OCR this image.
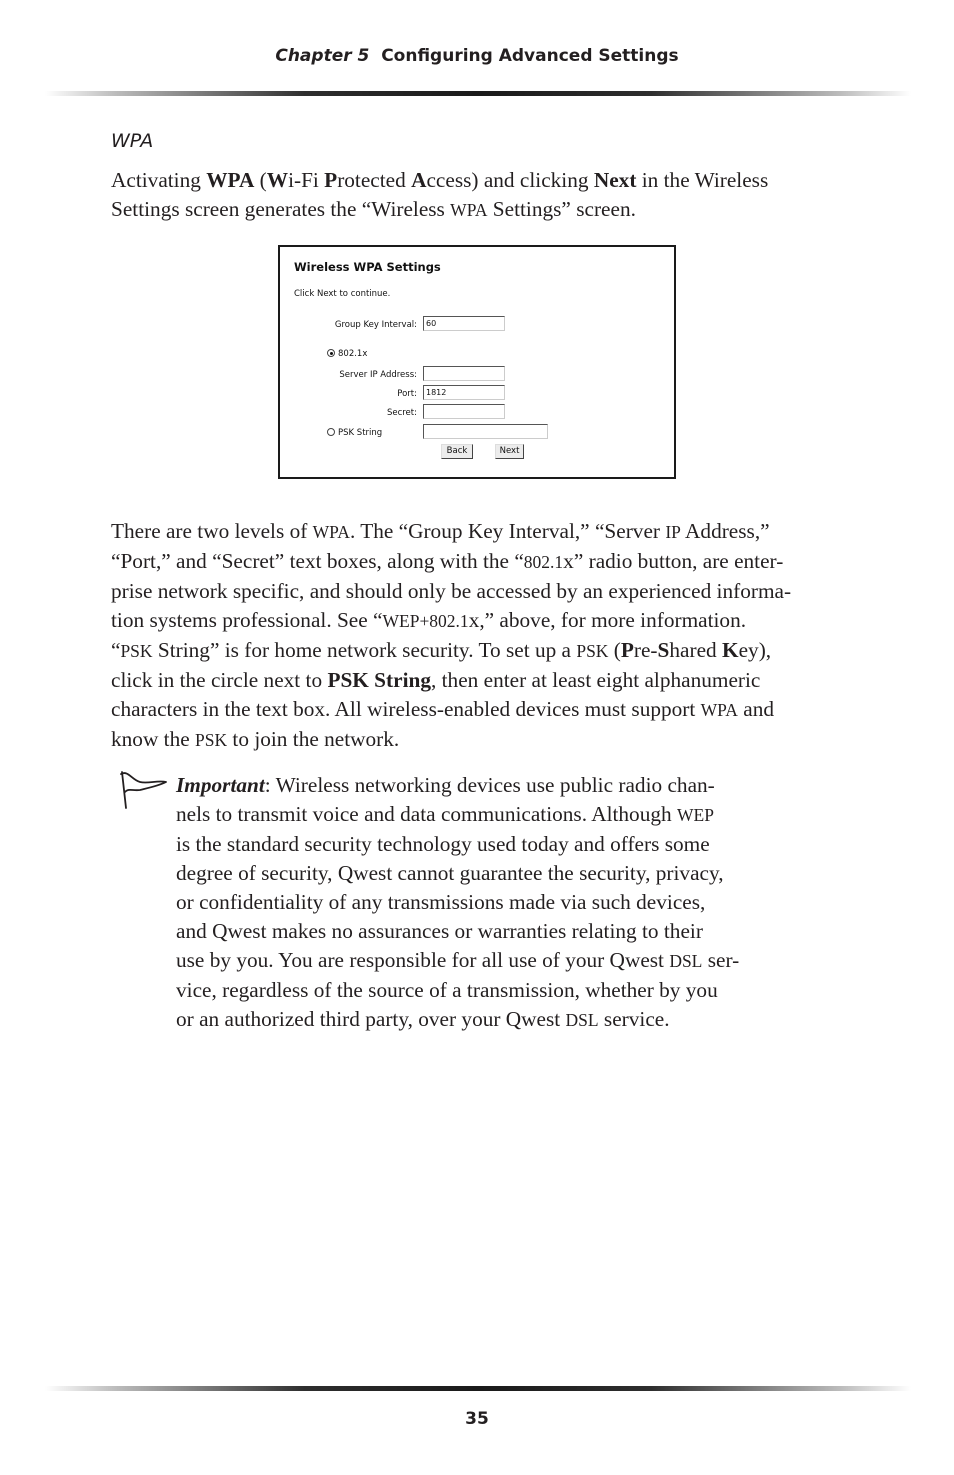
Chapter 5 Configuring Advanced Settings
WPA
Activating WPA (Wi-Fi Protected Access) and clicking Next in the Wireless
Settings screen generates the “Wireless WPA Settings” screen.
Wireless WPA Settings
Click Next to continue.
Group Key Interval:	60
802.1x
Server IP Address:
Port:	1812
Secret:
PSK String
Back	Next
There are two levels of WPA. The “Group Key Interval,” “Server IP Address,”
“Port,” and “Secret” text boxes, along with the “802.1x” radio button, are enter-
prise network specific, and should only be accessed by an experienced informa-
tion systems professional. See “WEP+802.1x,” above, for more information.
“PSK String” is for home network security. To set up a PSK (Pre-Shared Key),
click in the circle next to PSK String, then enter at least eight alphanumeric
characters in the text box. All wireless-enabled devices must support WPA and
know the PSK to join the network.
Important: Wireless networking devices use public radio chan-
nels to transmit voice and data communications. Although WEP
is the standard security technology used today and offers some
degree of security, Qwest cannot guarantee the security, privacy,
or confidentiality of any transmissions made via such devices,
and Qwest makes no assurances or warranties relating to their
use by you. You are responsible for all use of your Qwest DSL ser-
vice, regardless of the source of a transmission, whether by you
or an authorized third party, over your Qwest DSL service.
35
